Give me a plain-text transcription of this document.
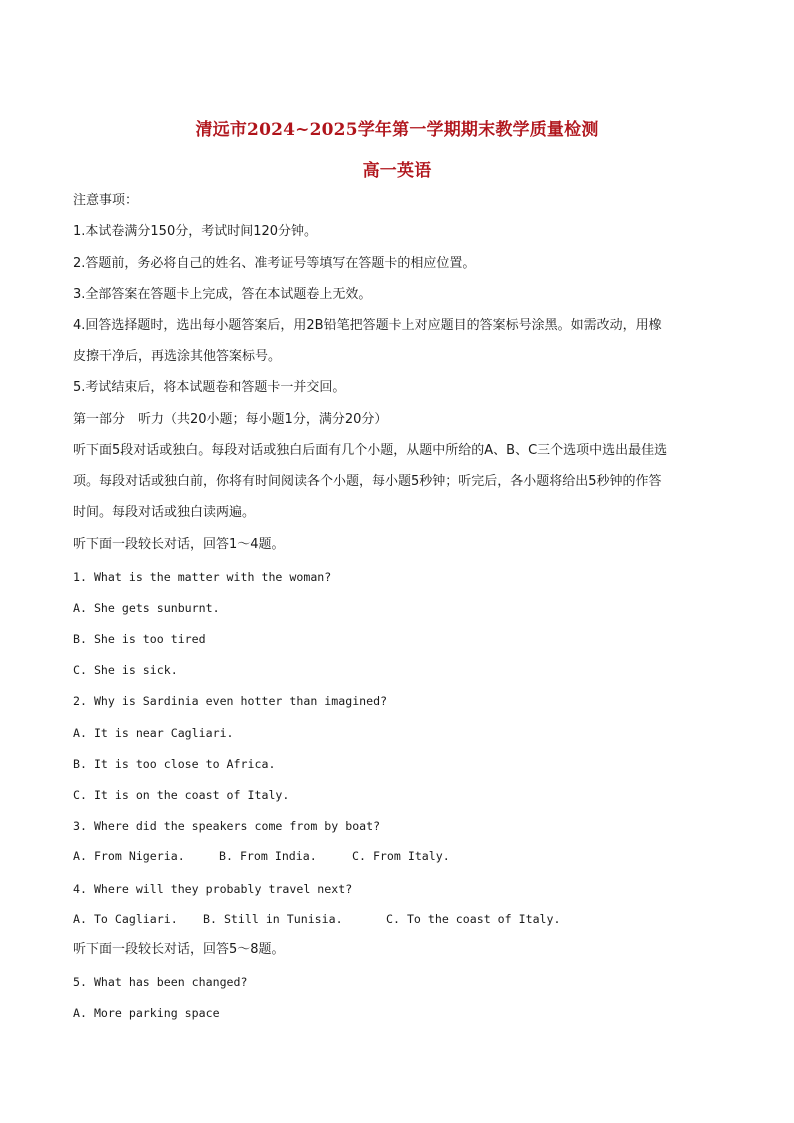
清远市2024~2025学年第一学期期末教学质量检测
高一英语
注意事项：
1.本试卷满分150分，考试时间120分钟。
2.答题前，务必将自己的姓名、准考证号等填写在答题卡的相应位置。
3.全部答案在答题卡上完成，答在本试题卷上无效。
4.回答选择题时，选出每小题答案后，用2B铅笔把答题卡上对应题目的答案标号涂黑。如需改动，用橡
皮擦干净后，再选涂其他答案标号。
5.考试结束后，将本试题卷和答题卡一并交回。
第一部分　听力（共20小题；每小题1分，满分20分）
听下面5段对话或独白。每段对话或独白后面有几个小题，从题中所给的A、B、C三个选项中选出最佳选
项。每段对话或独白前，你将有时间阅读各个小题，每小题5秒钟；听完后，各小题将给出5秒钟的作答
时间。每段对话或独白读两遍。
听下面一段较长对话，回答1～4题。
1. What is the matter with the woman?
A. She gets sunburnt.
B. She is too tired
C. She is sick.
2. Why is Sardinia even hotter than imagined?
A. It is near Cagliari.
B. It is too close to Africa.
C. It is on the coast of Italy.
3. Where did the speakers come from by boat?
A. From Nigeria.	B. From India.	C. From Italy.
4. Where will they probably travel next?
A. To Cagliari. B. Still in Tunisia.	C. To the coast of Italy.
听下面一段较长对话，回答5～8题。
5. What has been changed?
A. More parking space
